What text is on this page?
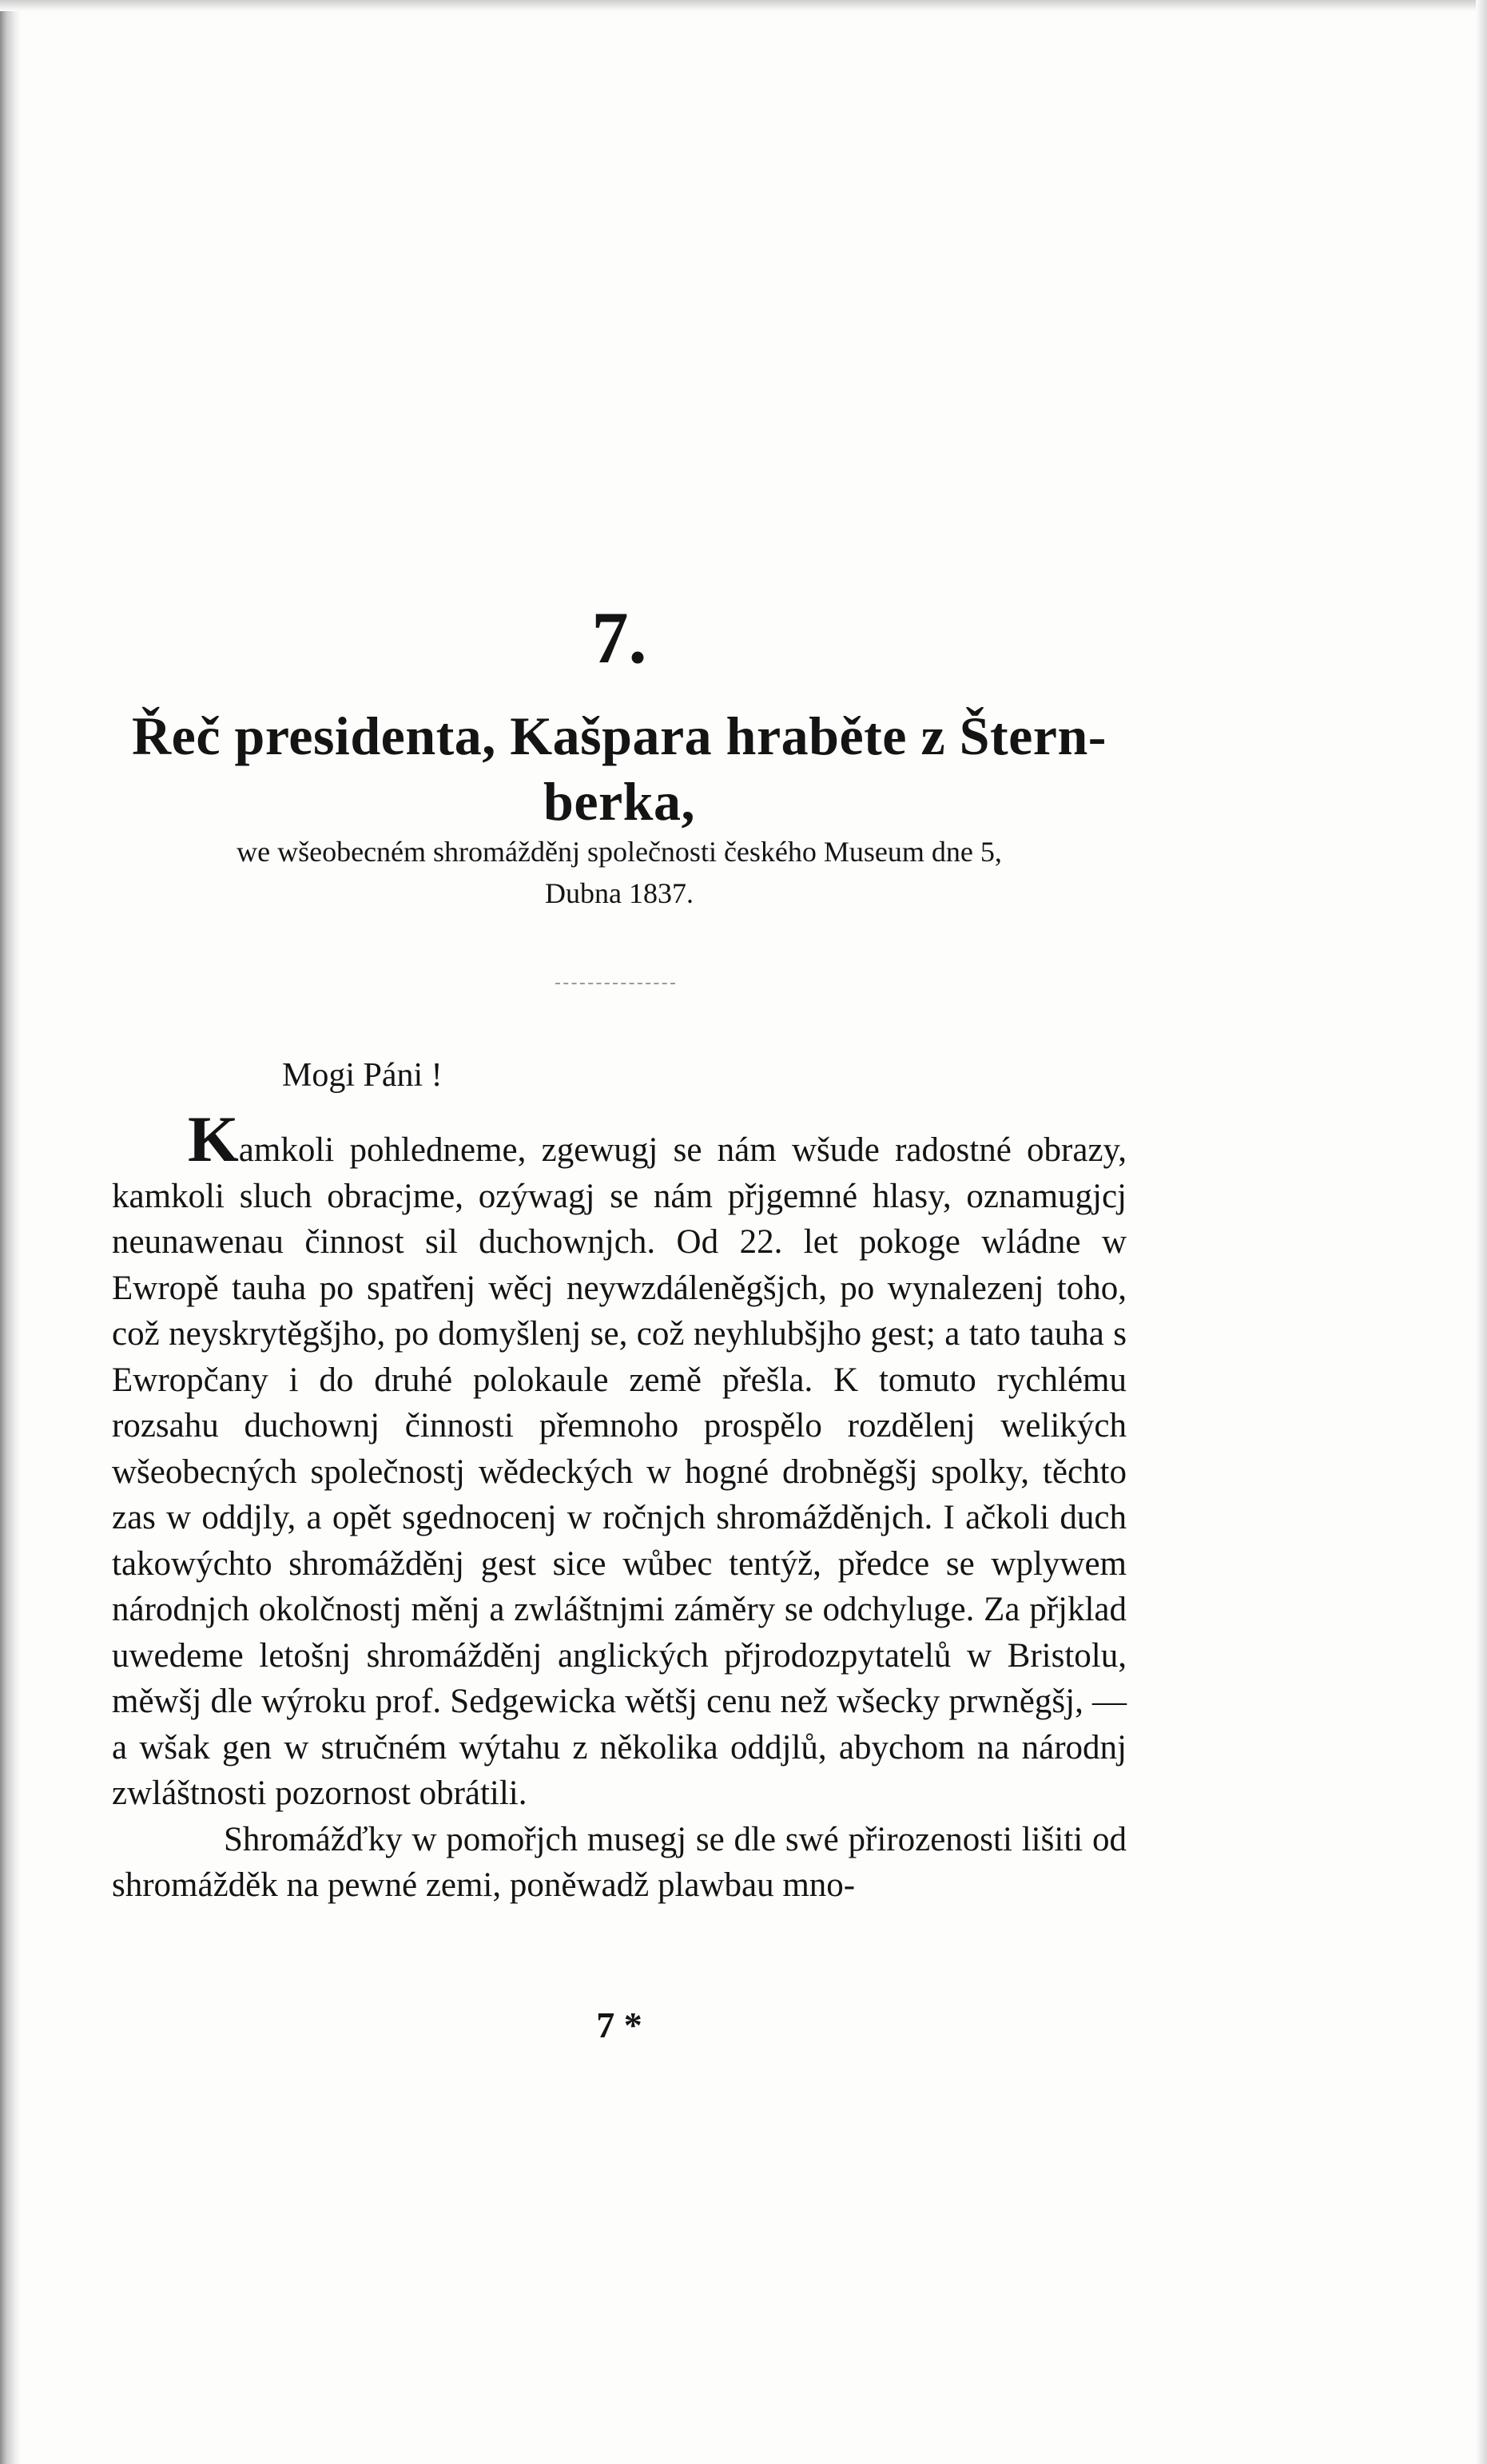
7.
Řeč presidenta, Kašpara hraběte z Štern-
berka,
we wšeobecném shromážděnj společnosti českého Museum dne 5,
Dubna 1837.
Mogi Páni !

Kamkoli pohledneme, zgewugj se nám wšude radostné obrazy, kamkoli sluch obracjme, ozýwagj se nám přjgemné hlasy, oznamugjcj neunawenau činnost sil duchownjch. Od 22. let pokoge wládne w Ewropě tauha po spatřenj wěcj neywzdáleněgšjch, po wynalezenj toho, což neyskrytěgšjho, po domyšlenj se, což neyhlubšjho gest; a tato tauha s Ewropčany i do druhé polokaule země přešla. K tomuto rychlému rozsahu duchownj činnosti přemnoho prospělo rozdělenj welikých wšeobecných společnostj wědeckých w hogné drobněgšj spolky, těchto zas w oddjly, a opět sgednocenj w ročnjch shromážděnjch. I ačkoli duch takowýchto shromážděnj gest sice wůbec tentýž, předce se wplywem národnjch okolčnostj měnj a zwláštnjmi záměry se odchyluge. Za přjklad uwedeme letošnj shromážděnj anglických přjrodozpytatelů w Bristolu, měwšj dle wýroku prof. Sedgewicka wětšj cenu než wšecky prwněgšj, — a wšak gen w stručném wýtahu z několika oddjlů, abychom na národnj zwláštnosti pozornost obrátili.

Shromážďky w pomořjch musegj se dle swé přirozenosti lišiti od shromážděk na pewné zemi, poněwadž plawbau mno-

7 *
